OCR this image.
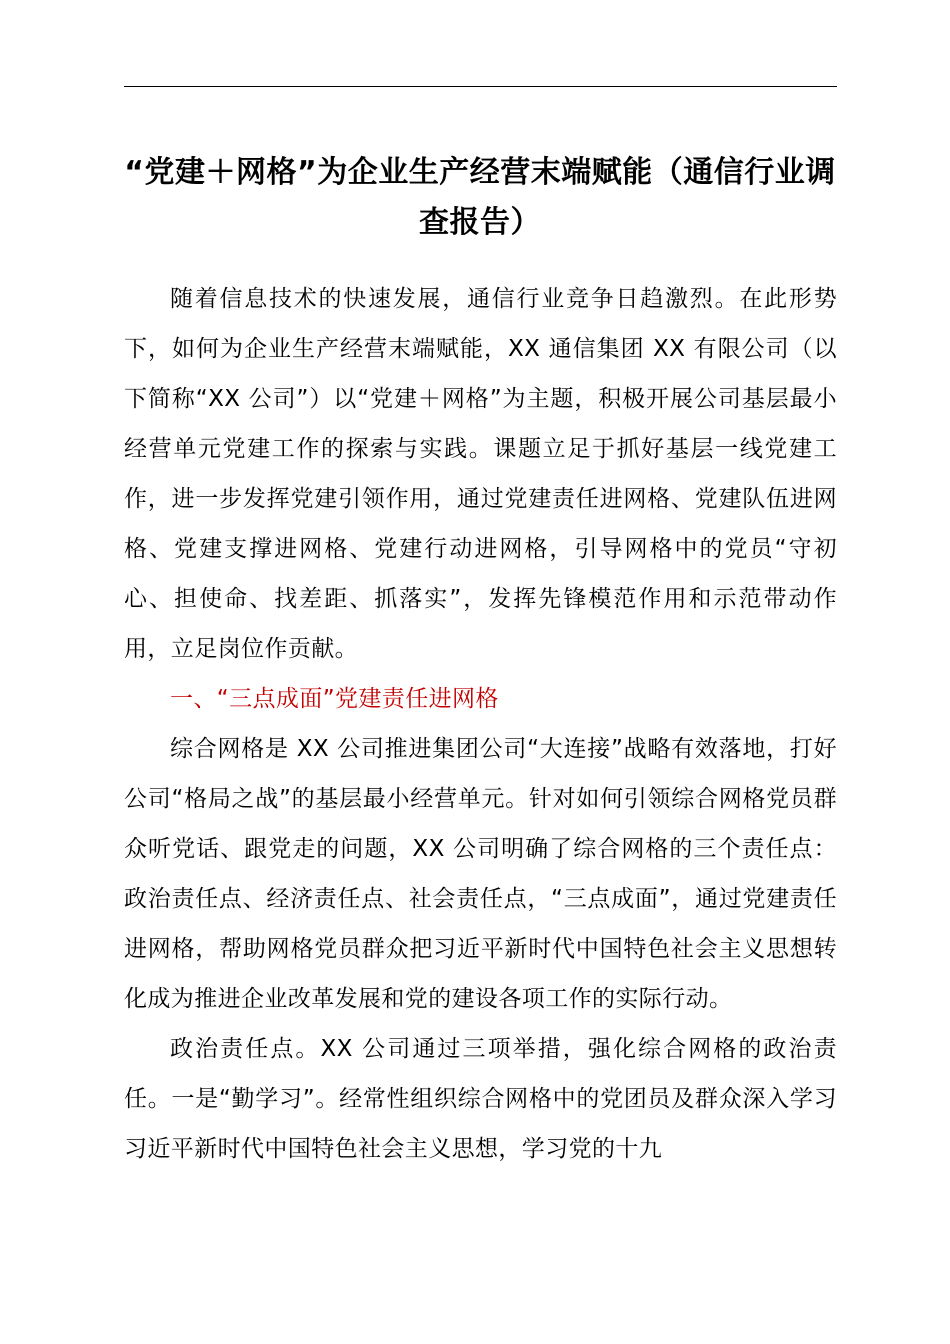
“党建＋网格”为企业生产经营末端赋能（通信行业调查报告）

随着信息技术的快速发展，通信行业竞争日趋激烈。在此形势下，如何为企业生产经营末端赋能，XX 通信集团 XX 有限公司（以下简称“XX 公司”）以“党建＋网格”为主题，积极开展公司基层最小经营单元党建工作的探索与实践。课题立足于抓好基层一线党建工作，进一步发挥党建引领作用，通过党建责任进网格、党建队伍进网格、党建支撑进网格、党建行动进网格，引导网格中的党员“守初心、担使命、找差距、抓落实”，发挥先锋模范作用和示范带动作用，立足岗位作贡献。

一、“三点成面”党建责任进网格

综合网格是 XX 公司推进集团公司“大连接”战略有效落地，打好公司“格局之战”的基层最小经营单元。针对如何引领综合网格党员群众听党话、跟党走的问题，XX 公司明确了综合网格的三个责任点：政治责任点、经济责任点、社会责任点，“三点成面”，通过党建责任进网格，帮助网格党员群众把习近平新时代中国特色社会主义思想转化成为推进企业改革发展和党的建设各项工作的实际行动。

政治责任点。XX 公司通过三项举措，强化综合网格的政治责任。一是“勤学习”。经常性组织综合网格中的党团员及群众深入学习习近平新时代中国特色社会主义思想，学习党的十九
